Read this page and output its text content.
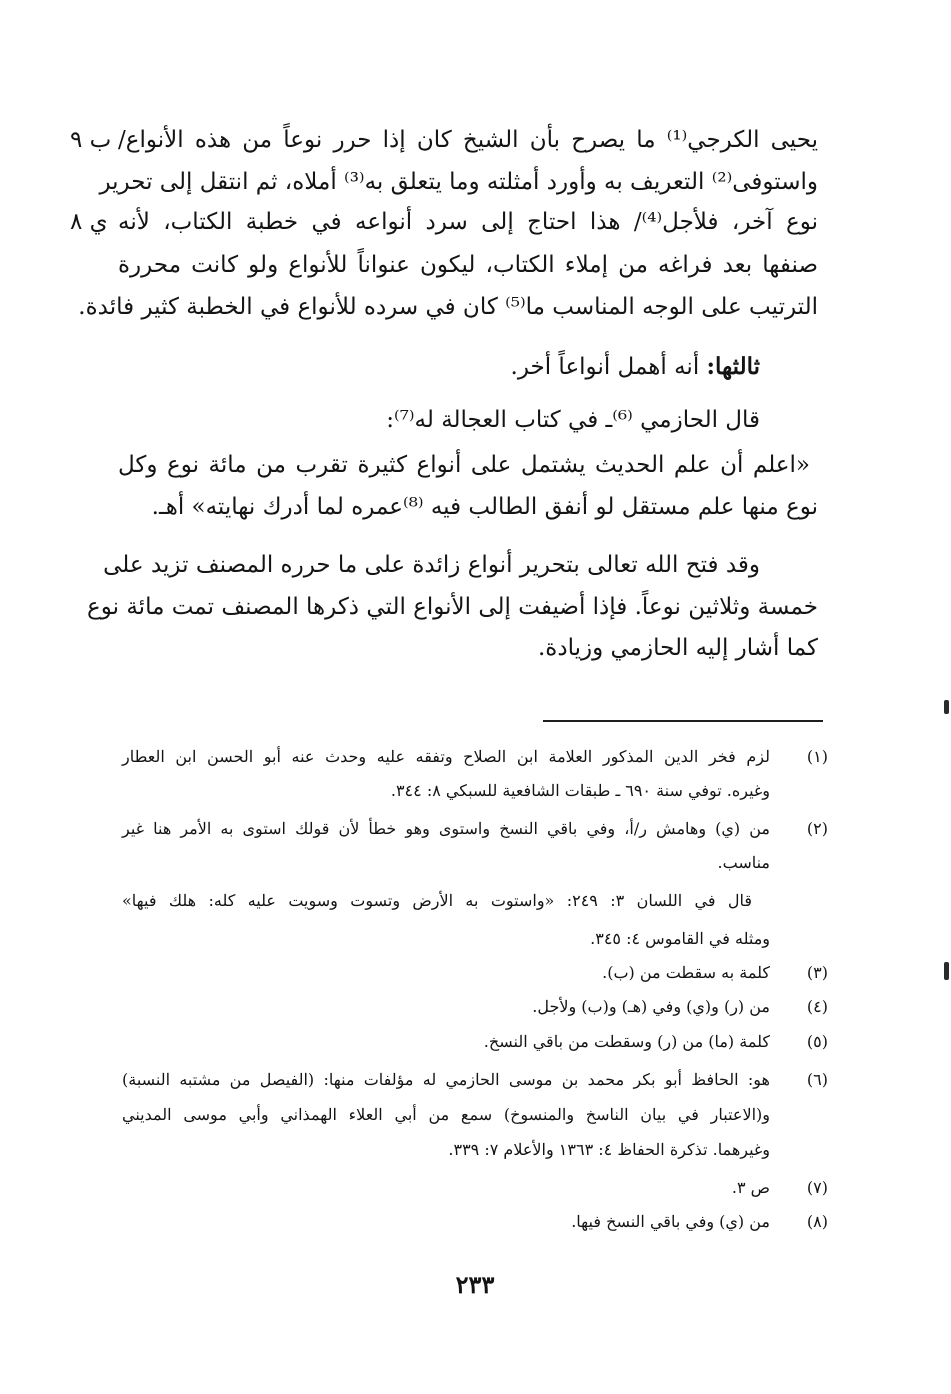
يحيى الكرجي⁽¹⁾ ما يصرح بأن الشيخ كان إذا حرر نوعاً من هذه الأنواع/
ب ٩
واستوفى⁽²⁾ التعريف به وأورد أمثلته وما يتعلق به⁽³⁾ أملاه، ثم انتقل إلى تحرير
نوع آخر، فلأجل⁽⁴⁾/ هذا احتاج إلى سرد أنواعه في خطبة الكتاب، لأنه
ي ٨
صنفها بعد فراغه من إملاء الكتاب، ليكون عنواناً للأنواع ولو كانت محررة
الترتيب على الوجه المناسب ما⁽⁵⁾ كان في سرده للأنواع في الخطبة كثير فائدة.
ثالثها: أنه أهمل أنواعاً أخر.
قال الحازمي ⁽⁶⁾ـ في كتاب العجالة له⁽⁷⁾:
«اعلم أن علم الحديث يشتمل على أنواع كثيرة تقرب من مائة نوع وكل
نوع منها علم مستقل لو أنفق الطالب فيه ⁽⁸⁾عمره لما أدرك نهايته» أهـ.
وقد فتح الله تعالى بتحرير أنواع زائدة على ما حرره المصنف تزيد على
خمسة وثلاثين نوعاً. فإذا أضيفت إلى الأنواع التي ذكرها المصنف تمت مائة نوع
كما أشار إليه الحازمي وزيادة.
(١)
لزم فخر الدين المذكور العلامة ابن الصلاح وتفقه عليه وحدث عنه أبو الحسن ابن العطار
وغيره. توفي سنة ٦٩٠ ـ طبقات الشافعية للسبكي ٨: ٣٤٤.
(٢)
من (ي) وهامش ر/أ، وفي باقي النسخ واستوى وهو خطأ لأن قولك استوى به الأمر هنا غير
مناسب.
قال في اللسان ٣: ٢٤٩: «واستوت به الأرض وتسوت وسويت عليه كله: هلك فيها»
ومثله في القاموس ٤: ٣٤٥.
(٣)
كلمة به سقطت من (ب).
(٤)
من (ر) و(ي) وفي (هـ) و(ب) ولأجل.
(٥)
كلمة (ما) من (ر) وسقطت من باقي النسخ.
(٦)
هو: الحافظ أبو بكر محمد بن موسى الحازمي له مؤلفات منها: (الفيصل من مشتبه النسبة)
و(الاعتبار في بيان الناسخ والمنسوخ) سمع من أبي العلاء الهمذاني وأبي موسى المديني
وغيرهما. تذكرة الحفاظ ٤: ١٣٦٣ والأعلام ٧: ٣٣٩.
(٧)
ص ٣.
(٨)
من (ي) وفي باقي النسخ فيها.
٢٣٣
